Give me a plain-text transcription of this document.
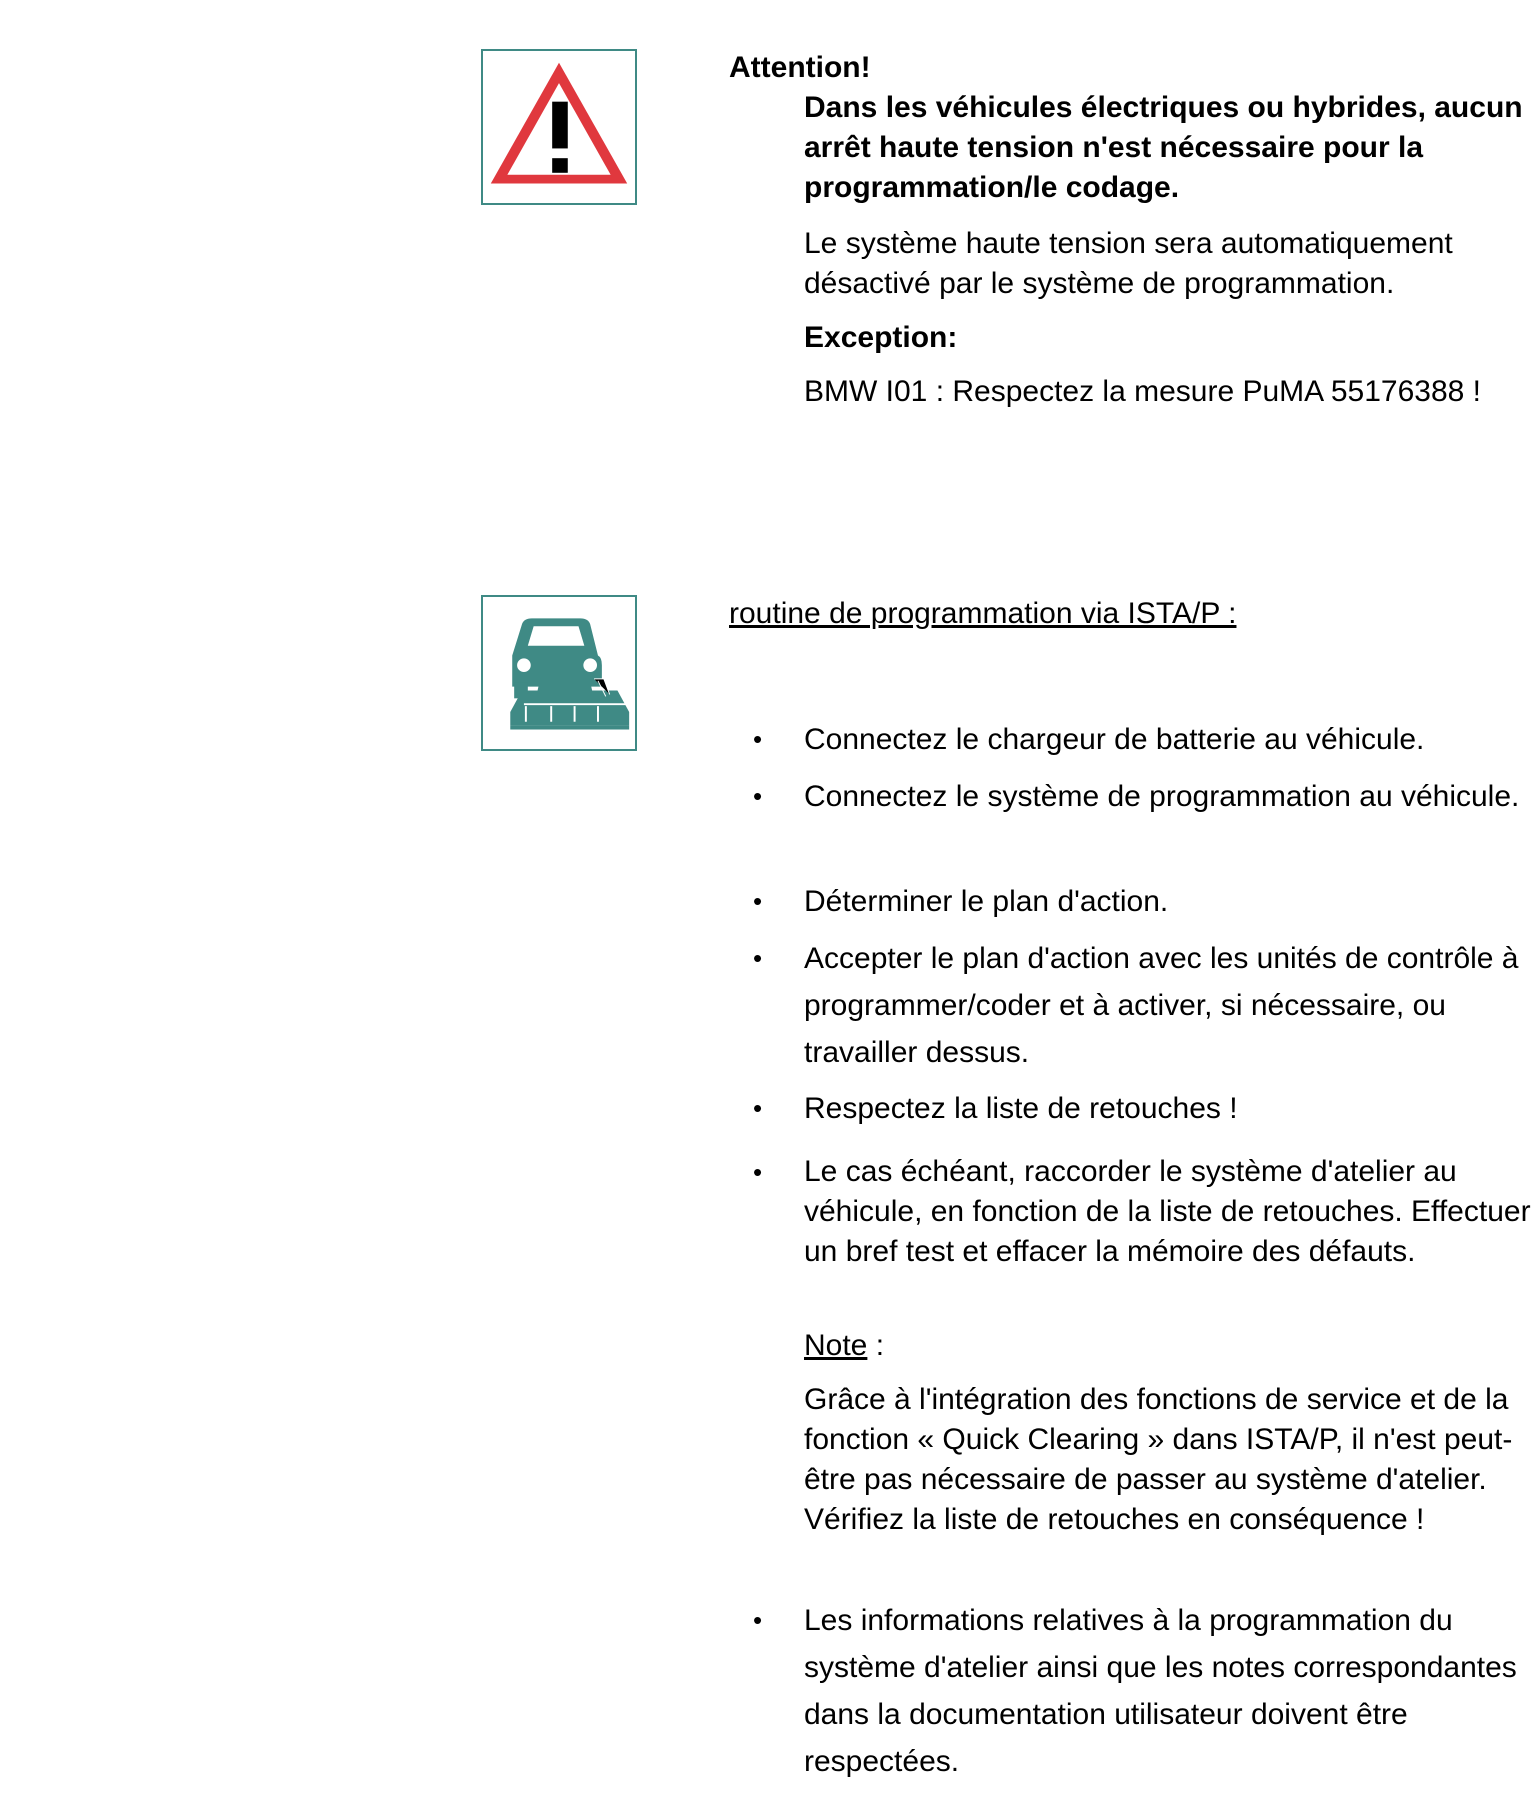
Attention!
Dans les véhicules électriques ou hybrides, aucun arrêt haute tension n'est nécessaire pour la programmation/le codage.
Le système haute tension sera automatiquement désactivé par le système de programmation.
Exception:
BMW I01 : Respectez la mesure PuMA 55176388 !
routine de programmation via ISTA/P :
• Connectez le chargeur de batterie au véhicule.
• Connectez le système de programmation au véhicule.
• Déterminer le plan d'action.
• Accepter le plan d'action avec les unités de contrôle à programmer/coder et à activer, si nécessaire, ou travailler dessus.
• Respectez la liste de retouches !
• Le cas échéant, raccorder le système d'atelier au véhicule, en fonction de la liste de retouches. Effectuer un bref test et effacer la mémoire des défauts.
• Les informations relatives à la programmation du système d'atelier ainsi que les notes correspondantes dans la documentation utilisateur doivent être respectées.
Note :
Grâce à l'intégration des fonctions de service et de la fonction « Quick Clearing » dans ISTA/P, il n'est peut-être pas nécessaire de passer au système d'atelier. Vérifiez la liste de retouches en conséquence !
